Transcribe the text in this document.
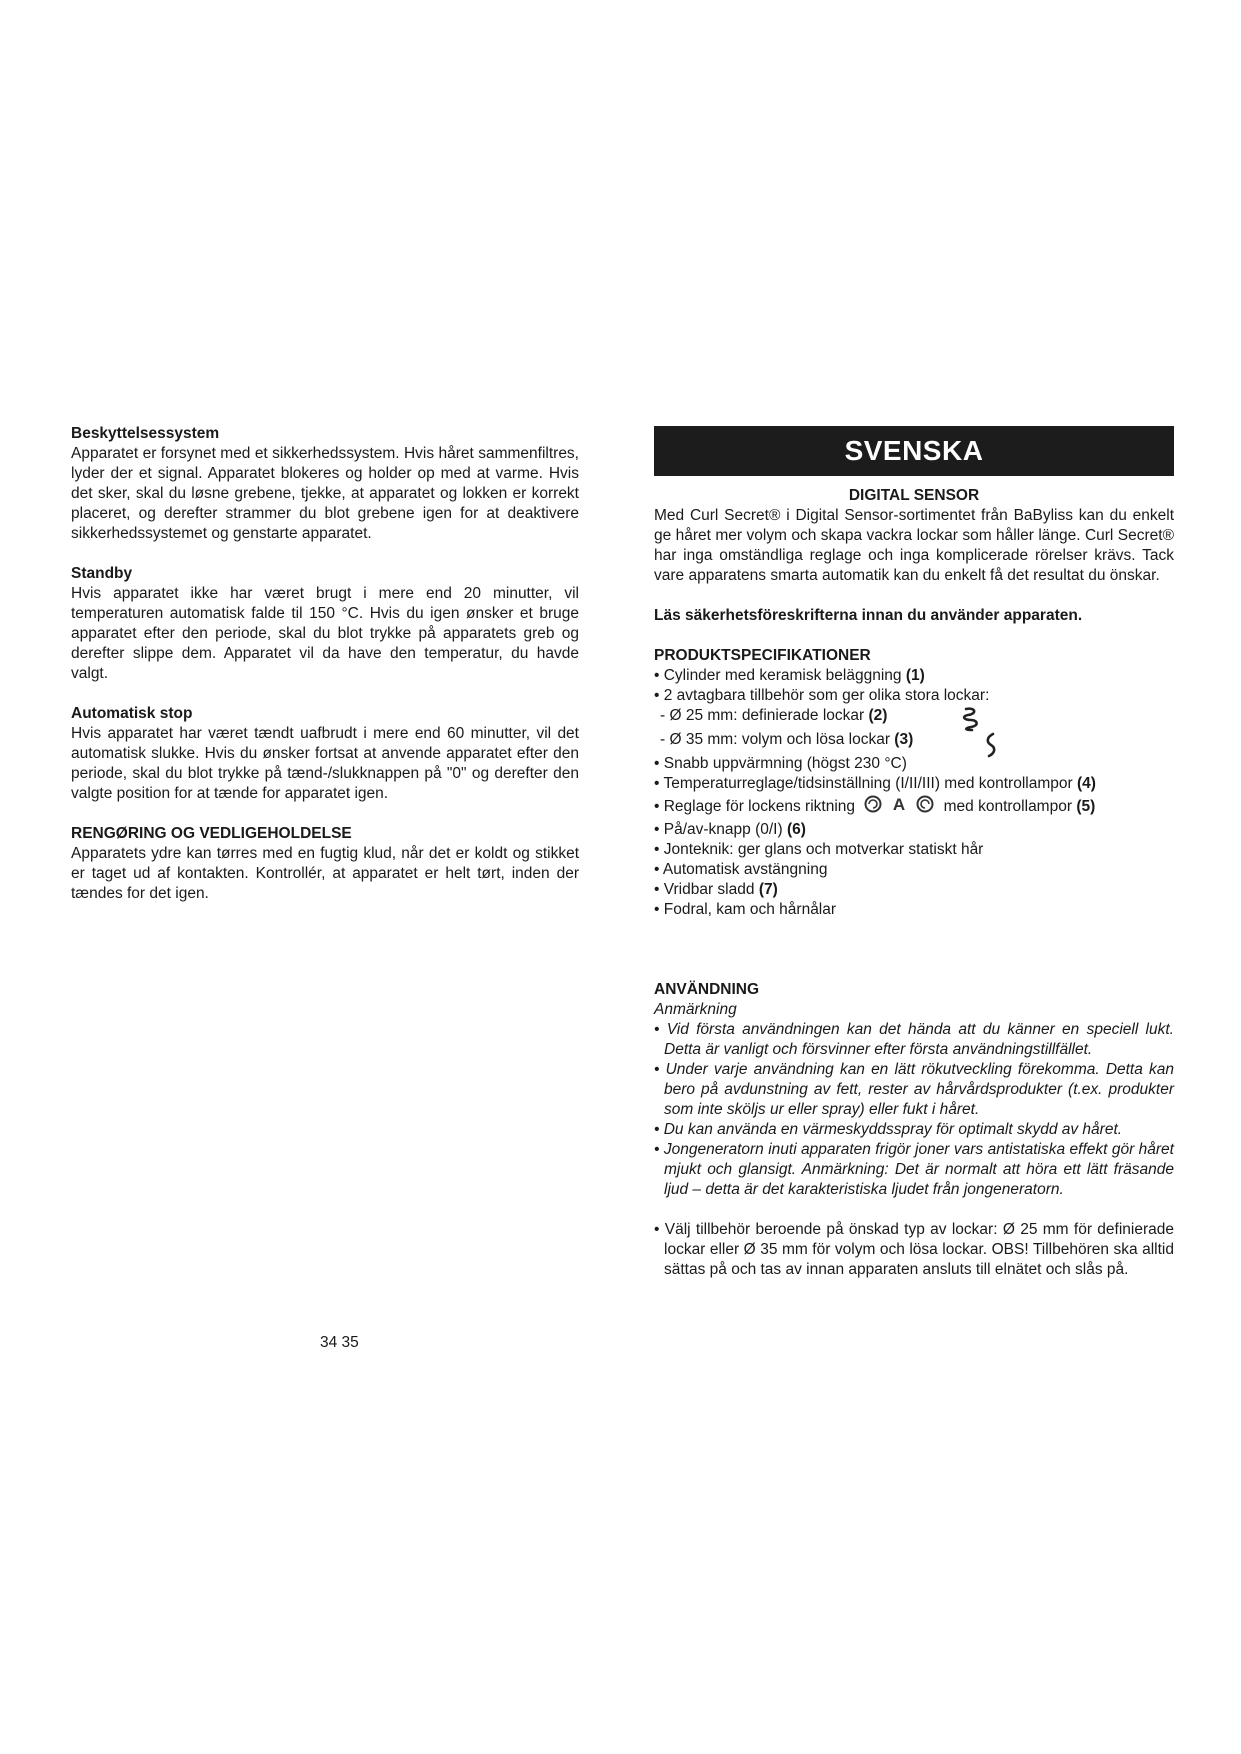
Beskyttelsessystem

Apparatet er forsynet med et sikkerhedssystem. Hvis håret sammenfiltres, lyder der et signal. Apparatet blokeres og holder op med at varme. Hvis det sker, skal du løsne grebene, tjekke, at apparatet og lokken er korrekt placeret, og derefter strammer du blot grebene igen for at deaktivere sikkerhedssystemet og genstarte apparatet.

Standby

Hvis apparatet ikke har været brugt i mere end 20 minutter, vil temperaturen automatisk falde til 150 °C. Hvis du igen ønsker et bruge apparatet efter den periode, skal du blot trykke på apparatets greb og derefter slippe dem. Apparatet vil da have den temperatur, du havde valgt.

Automatisk stop

Hvis apparatet har været tændt uafbrudt i mere end 60 minutter, vil det automatisk slukke. Hvis du ønsker fortsat at anvende apparatet efter den periode, skal du blot trykke på tænd-/slukknappen på "0" og derefter den valgte position for at tænde for apparatet igen.

RENGØRING OG VEDLIGEHOLDELSE

Apparatets ydre kan tørres med en fugtig klud, når det er koldt og stikket er taget ud af kontakten. Kontrollér, at apparatet er helt tørt, inden der tændes for det igen.

SVENSKA
DIGITAL SENSOR

Med Curl Secret® i Digital Sensor-sortimentet från BaByliss kan du enkelt ge håret mer volym och skapa vackra lockar som håller länge. Curl Secret® har inga omständliga reglage och inga komplicerade rörelser krävs. Tack vare apparatens smarta automatik kan du enkelt få det resultat du önskar.

Läs säkerhetsföreskrifterna innan du använder apparaten.

PRODUKTSPECIFIKATIONER
• Cylinder med keramisk beläggning (1)
• 2 avtagbara tillbehör som ger olika stora lockar:
- Ø 25 mm: definierade lockar (2)
- Ø 35 mm: volym och lösa lockar (3)
• Snabb uppvärmning (högst 230 °C)
• Temperaturreglage/tidsinställning (I/II/III) med kontrollampor (4)
• Reglage för lockens riktning A med kontrollampor (5)
• På/av-knapp (0/I) (6)
• Jonteknik: ger glans och motverkar statiskt hår
• Automatisk avstängning
• Vridbar sladd (7)
• Fodral, kam och hårnålar
ANVÄNDNING

Anmärkning

• Vid första användningen kan det hända att du känner en speciell lukt. Detta är vanligt och försvinner efter första användningstillfället.

• Under varje användning kan en lätt rökutveckling förekomma. Detta kan bero på avdunstning av fett, rester av hårvårdsprodukter (t.ex. produkter som inte sköljs ur eller spray) eller fukt i håret.

• Du kan använda en värmeskyddsspray för optimalt skydd av håret.

• Jongeneratorn inuti apparaten frigör joner vars antistatiska effekt gör håret mjukt och glansigt. Anmärkning: Det är normalt att höra ett lätt fräsande ljud – detta är det karakteristiska ljudet från jongeneratorn.

• Välj tillbehör beroende på önskad typ av lockar: Ø 25 mm för definierade lockar eller Ø 35 mm för volym och lösa lockar. OBS! Tillbehören ska alltid sättas på och tas av innan apparaten ansluts till elnätet och slås på.

34 35
